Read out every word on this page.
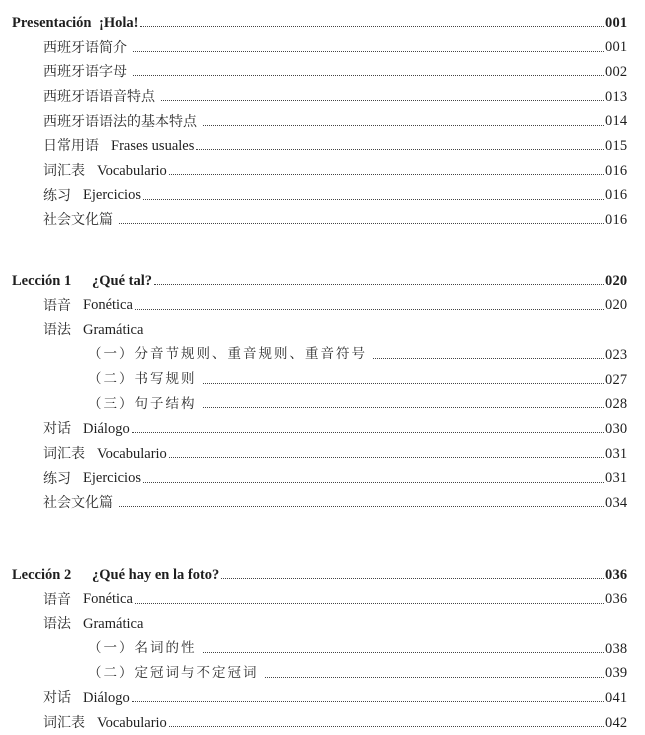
Presentación ¡Hola!	001
西班牙语简介	001
西班牙语字母	002
西班牙语语音特点	013
西班牙语语法的基本特点	014
日常用语 Frases usuales	015
词汇表 Vocabulario	016
练习 Ejercicios	016
社会文化篇	016
Lección 1	¿Qué tal?	020
语音 Fonética	020
语法 Gramática
（一）分音节规则、重音规则、重音符号	023
（二）书写规则	027
（三）句子结构	028
对话 Diálogo	030
词汇表 Vocabulario	031
练习 Ejercicios	031
社会文化篇	034
Lección 2	¿Qué hay en la foto?	036
语音 Fonética	036
语法 Gramática
（一）名词的性	038
（二）定冠词与不定冠词	039
对话 Diálogo	041
词汇表 Vocabulario	042
